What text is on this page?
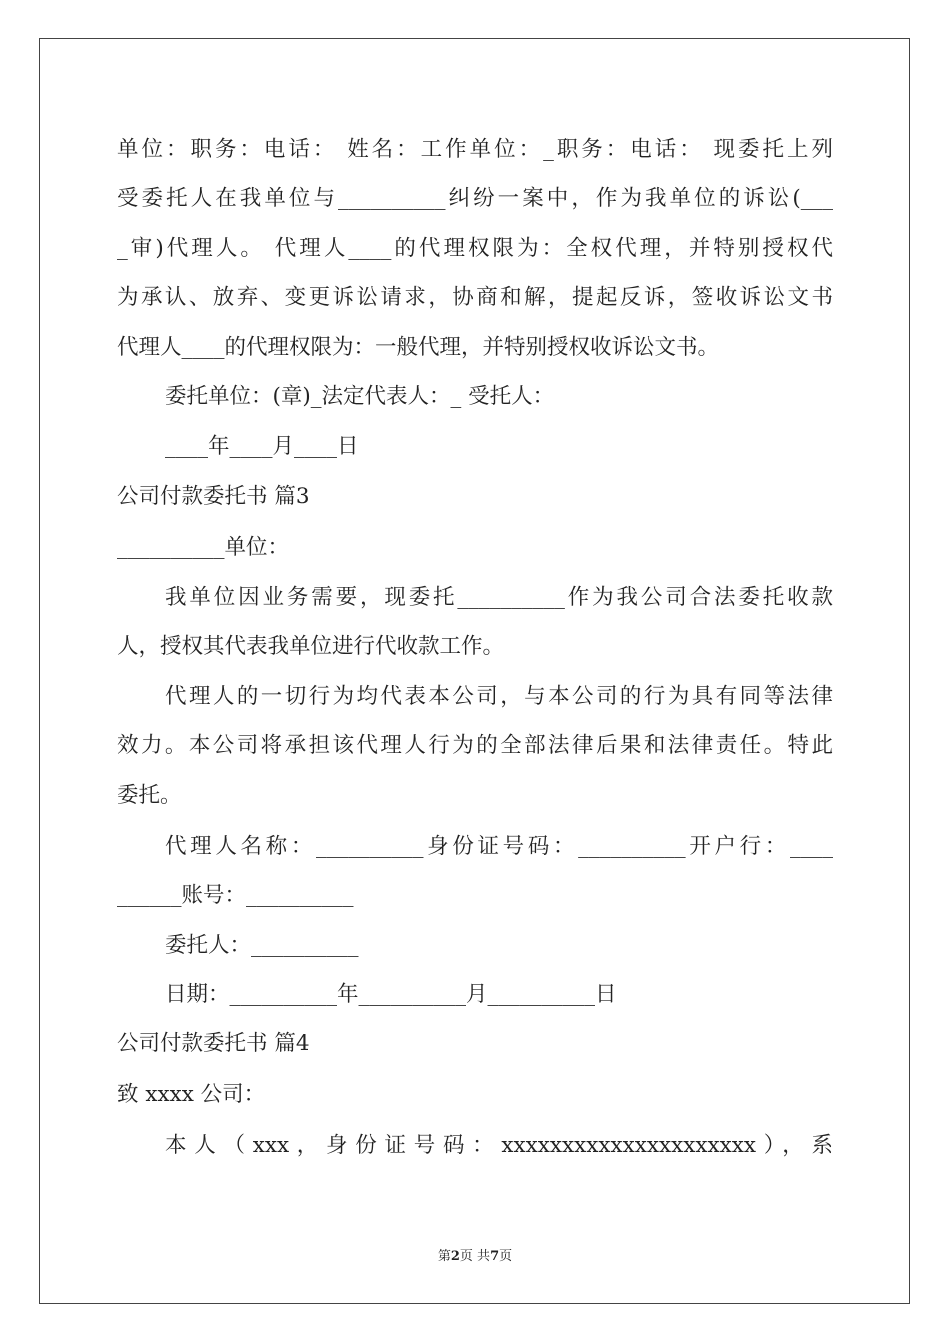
单位：职务：电话： 姓名：工作单位：_职务：电话： 现委托上列
受委托人在我单位与__________纠纷一案中，作为我单位的诉讼(___
_审)代理人。 代理人____的代理权限为：全权代理，并特别授权代
为承认、放弃、变更诉讼请求，协商和解，提起反诉，签收诉讼文书
代理人____的代理权限为：一般代理，并特别授权收诉讼文书。
委托单位：(章)_法定代表人：_ 受托人：
____年____月____日
公司付款委托书 篇3
__________单位：
我单位因业务需要，现委托__________作为我公司合法委托收款
人，授权其代表我单位进行代收款工作。
代理人的一切行为均代表本公司，与本公司的行为具有同等法律
效力。本公司将承担该代理人行为的全部法律后果和法律责任。特此
委托。
代理人名称：__________身份证号码：__________开户行：____
______账号：__________
委托人：__________
日期：__________年__________月__________日
公司付款委托书 篇4
致 xxxx 公司：
本人（xxx，身份证号码：xxxxxxxxxxxxxxxxxxxxx），系
第2页 共7页
